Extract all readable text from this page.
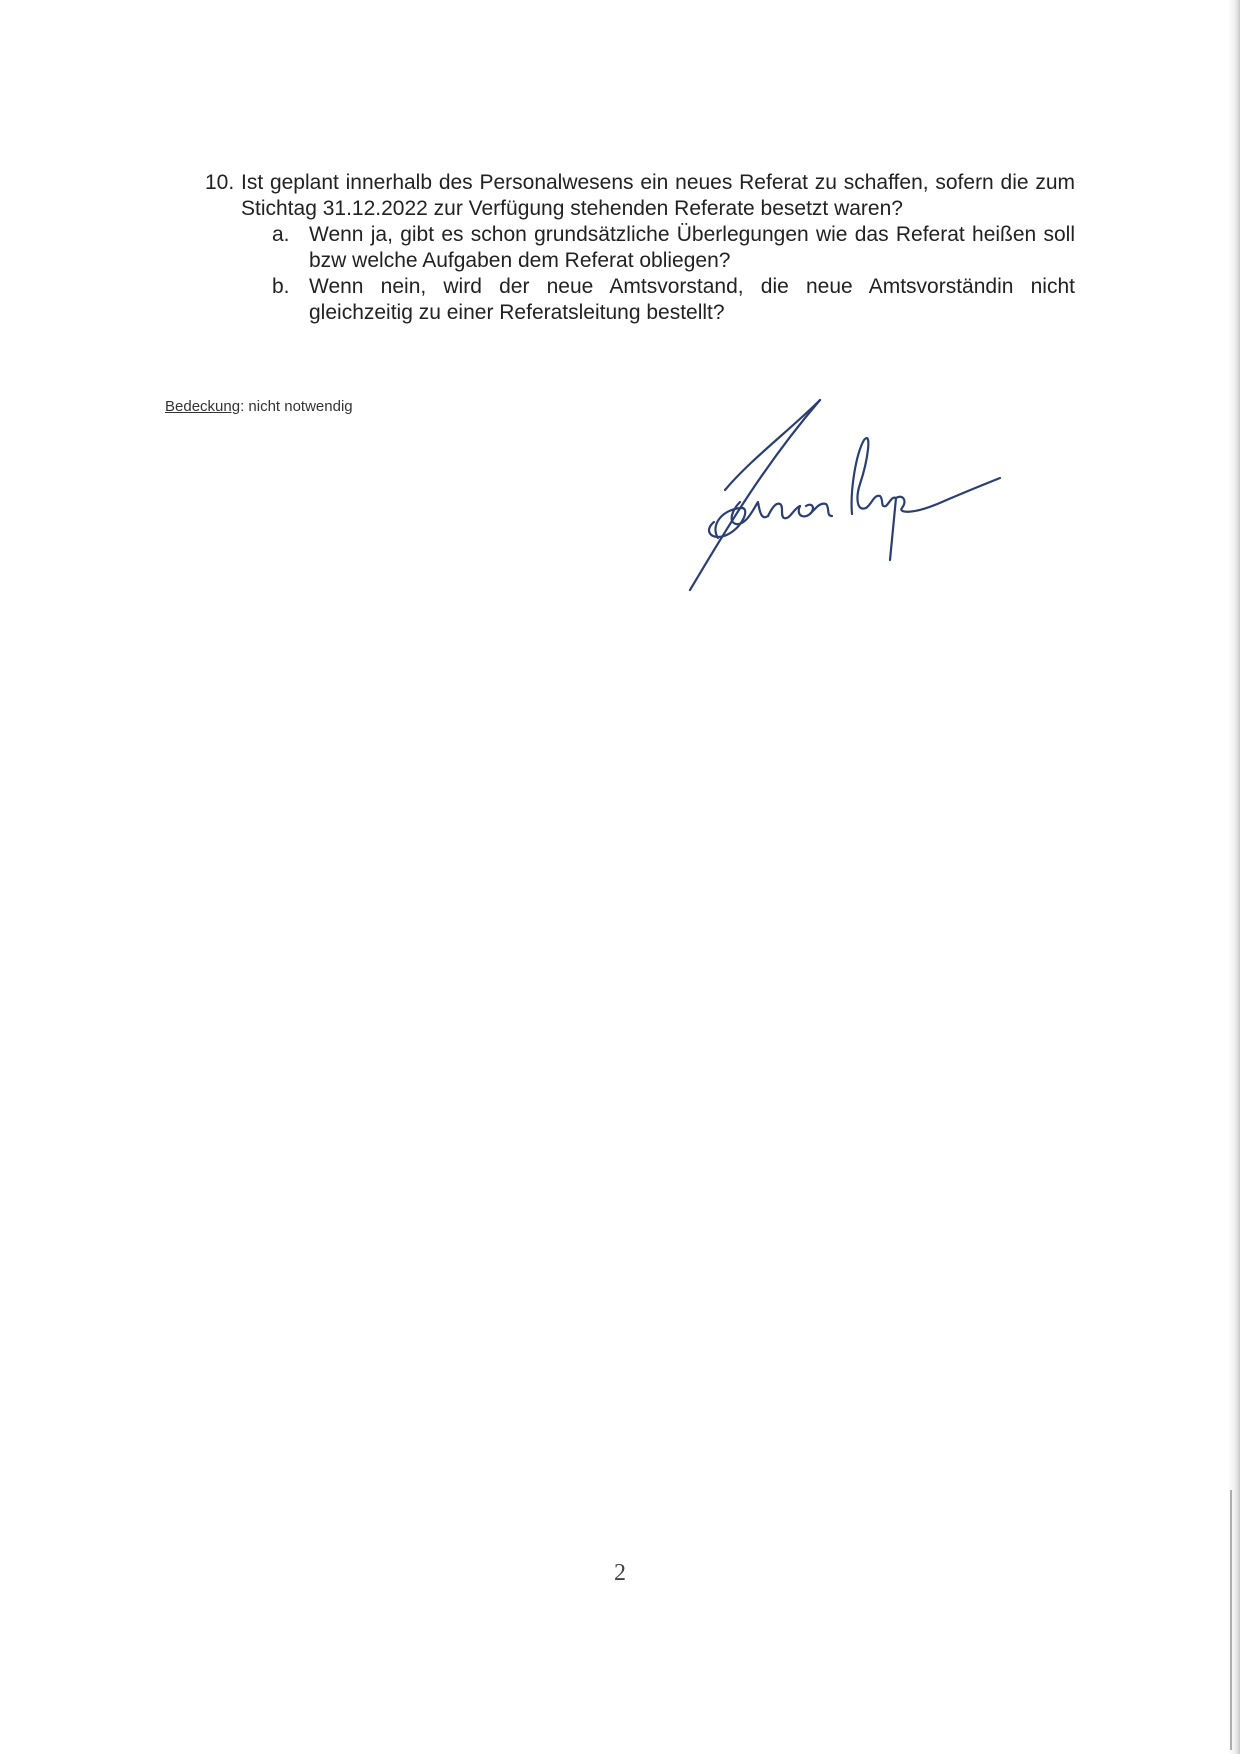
10. Ist geplant innerhalb des Personalwesens ein neues Referat zu schaffen, sofern die zum Stichtag 31.12.2022 zur Verfügung stehenden Referate besetzt waren?
a. Wenn ja, gibt es schon grundsätzliche Überlegungen wie das Referat heißen soll bzw welche Aufgaben dem Referat obliegen?
b. Wenn nein, wird der neue Amtsvorstand, die neue Amtsvorständin nicht gleichzeitig zu einer Referatsleitung bestellt?
Bedeckung: nicht notwendig
2
